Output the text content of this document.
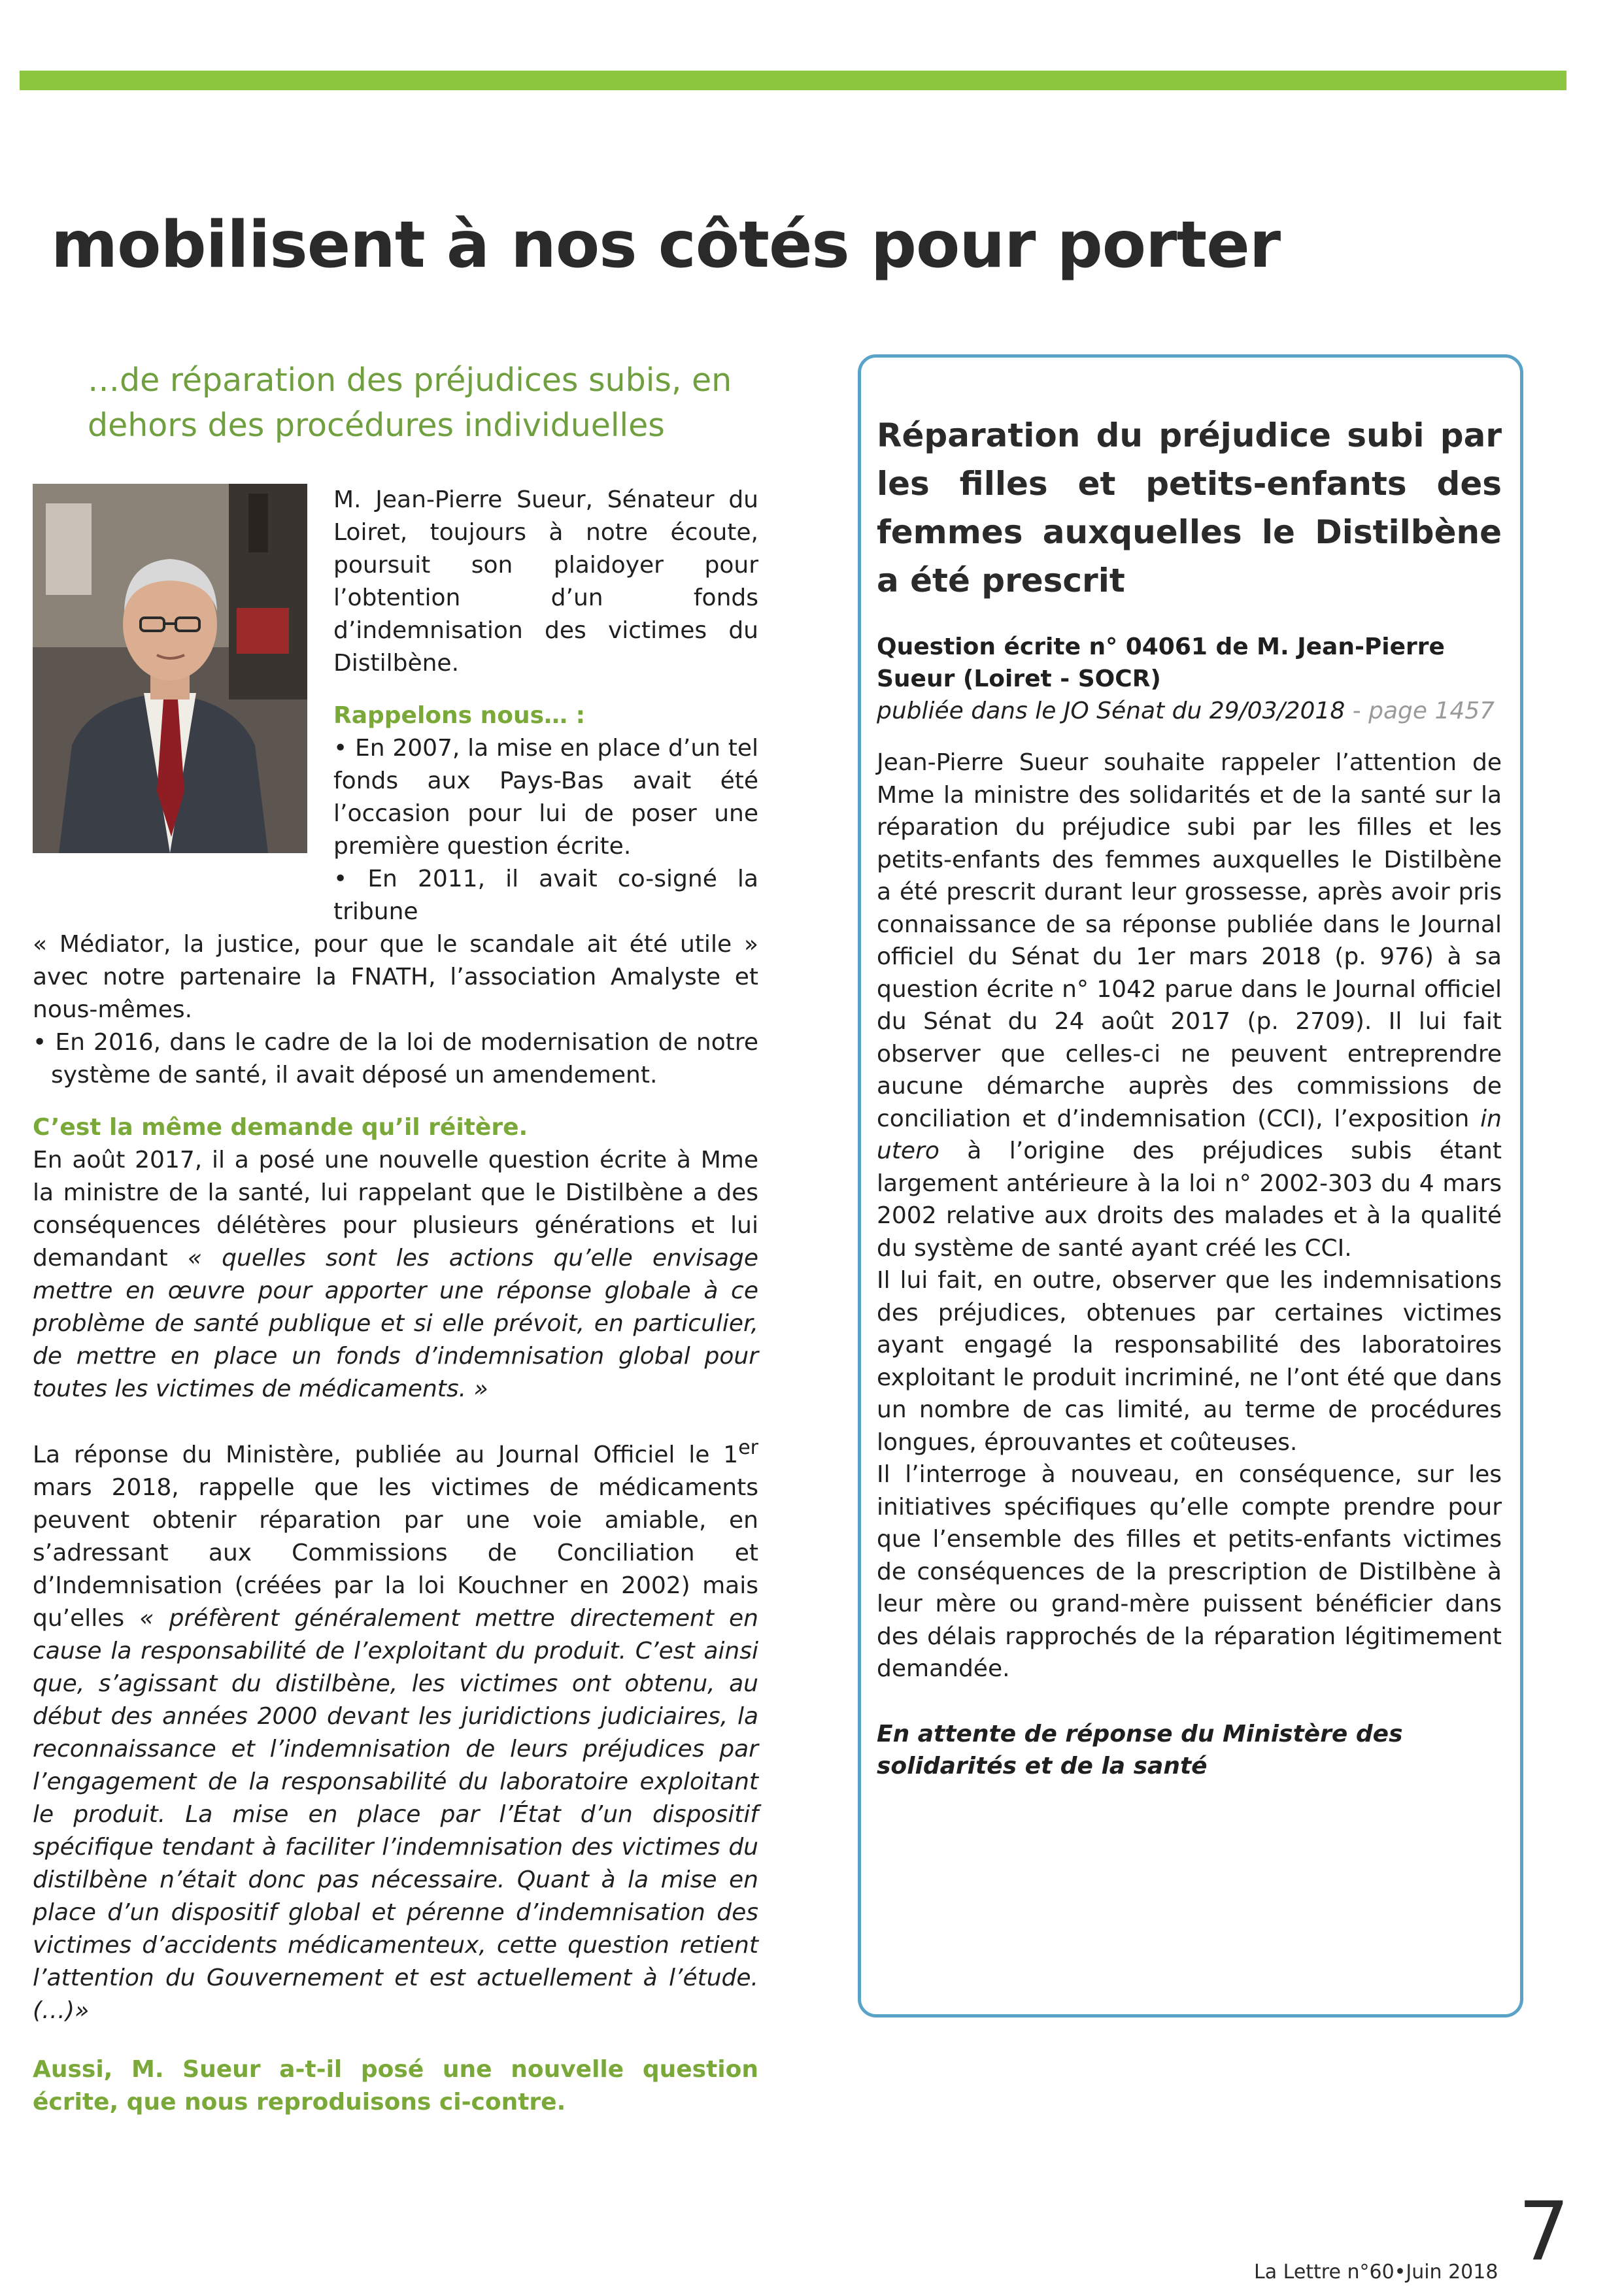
mobilisent à nos côtés pour porter
…de réparation des préjudices subis, en dehors des procédures individuelles

M. Jean-Pierre Sueur, Sénateur du Loiret, toujours à notre écoute, poursuit son plaidoyer pour l’obtention d’un fonds d’indemnisation des victimes du Distilbène.

Rappelons nous… :

• En 2007, la mise en place d’un tel fonds aux Pays-Bas avait été l’occasion pour lui de poser une première question écrite.

• En 2011, il avait co-signé la tribune

« Médiator, la justice, pour que le scandale ait été utile » avec notre partenaire la FNATH, l’association Amalyste et nous-mêmes.

• En 2016, dans le cadre de la loi de modernisation de notre système de santé, il avait déposé un amendement.

C’est la même demande qu’il réitère.

En août 2017, il a posé une nouvelle question écrite à Mme la ministre de la santé, lui rappelant que le Distilbène a des conséquences délétères pour plusieurs générations et lui demandant « quelles sont les actions qu’elle envisage mettre en œuvre pour apporter une réponse globale à ce problème de santé publique et si elle prévoit, en particulier, de mettre en place un fonds d’indemnisation global pour toutes les victimes de médicaments. »

La réponse du Ministère, publiée au Journal Officiel le 1er mars 2018, rappelle que les victimes de médicaments peuvent obtenir réparation par une voie amiable, en s’adressant aux Commissions de Conciliation et d’Indemnisation (créées par la loi Kouchner en 2002) mais qu’elles « préfèrent généralement mettre directement en cause la responsabilité de l’exploitant du produit. C’est ainsi que, s’agissant du distilbène, les victimes ont obtenu, au début des années 2000 devant les juridictions judiciaires, la reconnaissance et l’indemnisation de leurs préjudices par l’engagement de la responsabilité du laboratoire exploitant le produit. La mise en place par l’État d’un dispositif spécifique tendant à faciliter l’indemnisation des victimes du distilbène n’était donc pas nécessaire. Quant à la mise en place d’un dispositif global et pérenne d’indemnisation des victimes d’accidents médicamenteux, cette question retient l’attention du Gouvernement et est actuellement à l’étude. (…)»

Aussi, M. Sueur a-t-il posé une nouvelle question écrite, que nous reproduisons ci-contre.

Réparation du préjudice subi par les filles et petits-enfants des femmes auxquelles le Distilbène a été prescrit

Question écrite n° 04061 de M. Jean-Pierre Sueur (Loiret - SOCR)

publiée dans le JO Sénat du 29/03/2018 - page 1457

Jean-Pierre Sueur souhaite rappeler l’attention de Mme la ministre des solidarités et de la santé sur la réparation du préjudice subi par les filles et les petits-enfants des femmes auxquelles le Distilbène a été prescrit durant leur grossesse, après avoir pris connaissance de sa réponse publiée dans le Journal officiel du Sénat du 1er mars 2018 (p. 976) à sa question écrite n° 1042 parue dans le Journal officiel du Sénat du 24 août 2017 (p. 2709). Il lui fait observer que celles-ci ne peuvent entreprendre aucune démarche auprès des commissions de conciliation et d’indemnisation (CCI), l’exposition in utero à l’origine des préjudices subis étant largement antérieure à la loi n° 2002-303 du 4 mars 2002 relative aux droits des malades et à la qualité du système de santé ayant créé les CCI.

Il lui fait, en outre, observer que les indemnisations des préjudices, obtenues par certaines victimes ayant engagé la responsabilité des laboratoires exploitant le produit incriminé, ne l’ont été que dans un nombre de cas limité, au terme de procédures longues, éprouvantes et coûteuses.

Il l’interroge à nouveau, en conséquence, sur les initiatives spécifiques qu’elle compte prendre pour que l’ensemble des filles et petits-enfants victimes de conséquences de la prescription de Distilbène à leur mère ou grand-mère puissent bénéficier dans des délais rapprochés de la réparation légitimement demandée.

En attente de réponse du Ministère des solidarités et de la santé
La Lettre n°60•Juin 2018 7
